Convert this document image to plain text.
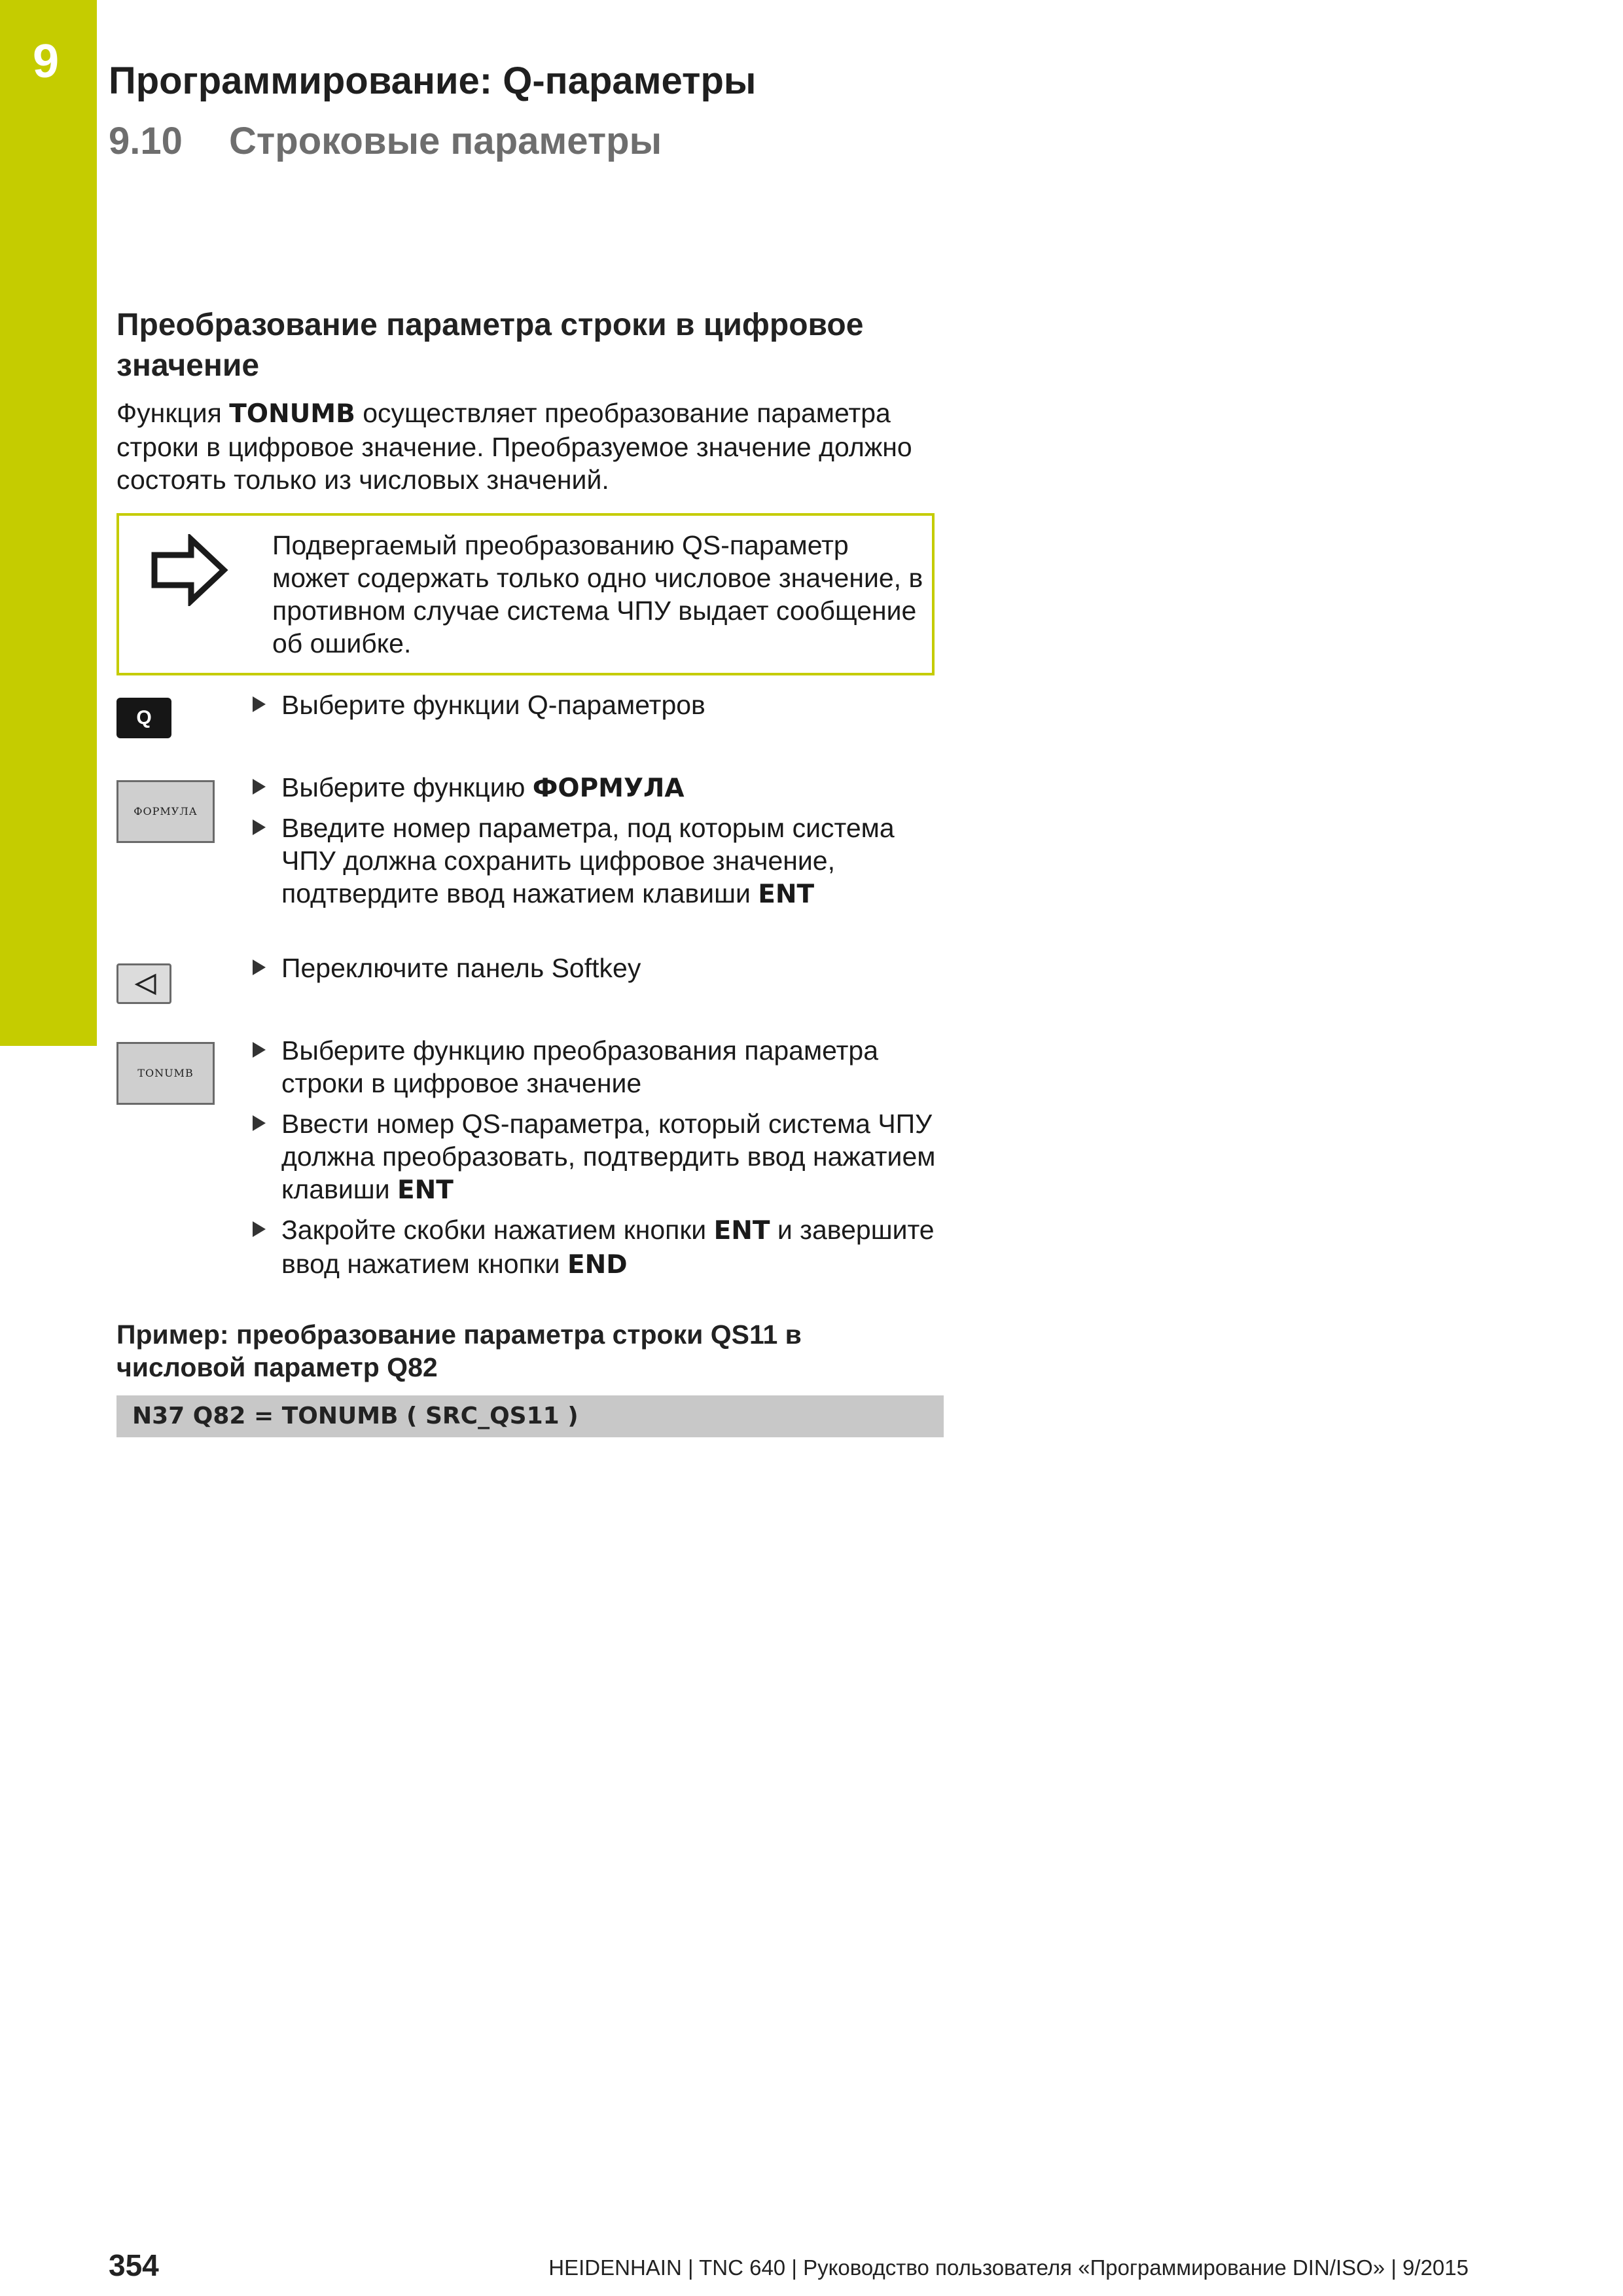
9 Программирование: Q-параметры
9.10 Строковые параметры
Преобразование параметра строки в цифровое значение
Функция TONUMB осуществляет преобразование параметра строки в цифровое значение. Преобразуемое значение должно состоять только из числовых значений.
Подвергаемый преобразованию QS-параметр может содержать только одно числовое значение, в противном случае система ЧПУ выдает сообщение об ошибке.
Q	Выберите функции Q-параметров
ФОРМУЛА
Выберите функцию ФОРМУЛА
Введите номер параметра, под которым система ЧПУ должна сохранить цифровое значение, подтвердите ввод нажатием клавиши ENT
Переключите панель Softkey
TONUMB
Выберите функцию преобразования параметра строки в цифровое значение
Ввести номер QS-параметра, который система ЧПУ должна преобразовать, подтвердить ввод нажатием клавиши ENT
Закройте скобки нажатием кнопки ENT и завершите ввод нажатием кнопки END
Пример: преобразование параметра строки QS11 в числовой параметр Q82
N37 Q82 = TONUMB ( SRC_QS11 )
354	HEIDENHAIN | TNC 640 | Руководство пользователя «Программирование DIN/ISO» | 9/2015
